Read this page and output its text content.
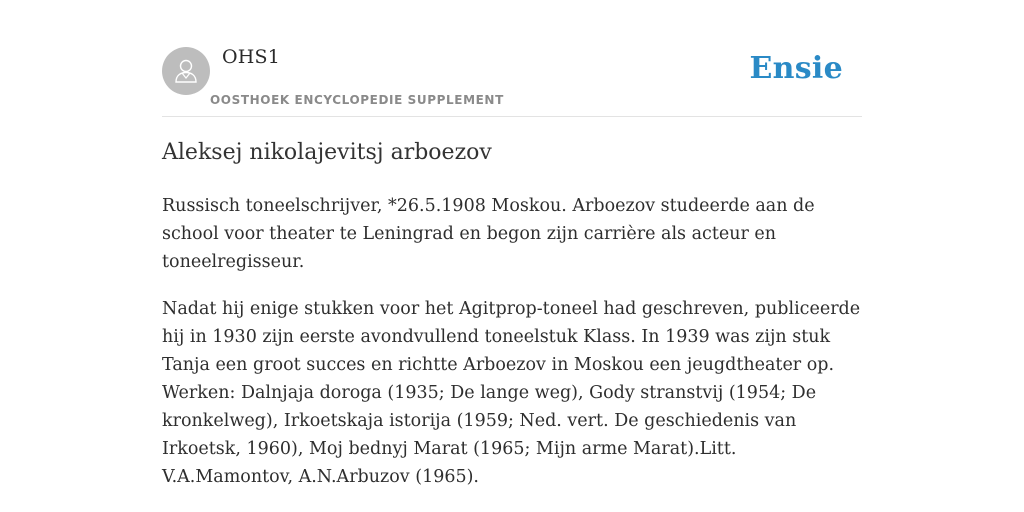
OHS1
OOSTHOEK ENCYCLOPEDIE SUPPLEMENT
Ensie
Aleksej nikolajevitsj arboezov

Russisch toneelschrijver, *26.5.1908 Moskou. Arboezov studeerde aan de school voor theater te Leningrad en begon zijn carrière als acteur en toneelregisseur.

Nadat hij enige stukken voor het Agitprop-toneel had geschreven, publiceerde hij in 1930 zijn eerste avondvullend toneelstuk Klass. In 1939 was zijn stuk Tanja een groot succes en richtte Arboezov in Moskou een jeugdtheater op. Werken: Dalnjaja doroga (1935; De lange weg), Gody stranstvij (1954; De kronkelweg), Irkoetskaja istorija (1959; Ned. vert. De geschiedenis van Irkoetsk, 1960), Moj bednyj Marat (1965; Mijn arme Marat).Litt. V.A.Mamontov, A.N.Arbuzov (1965).
